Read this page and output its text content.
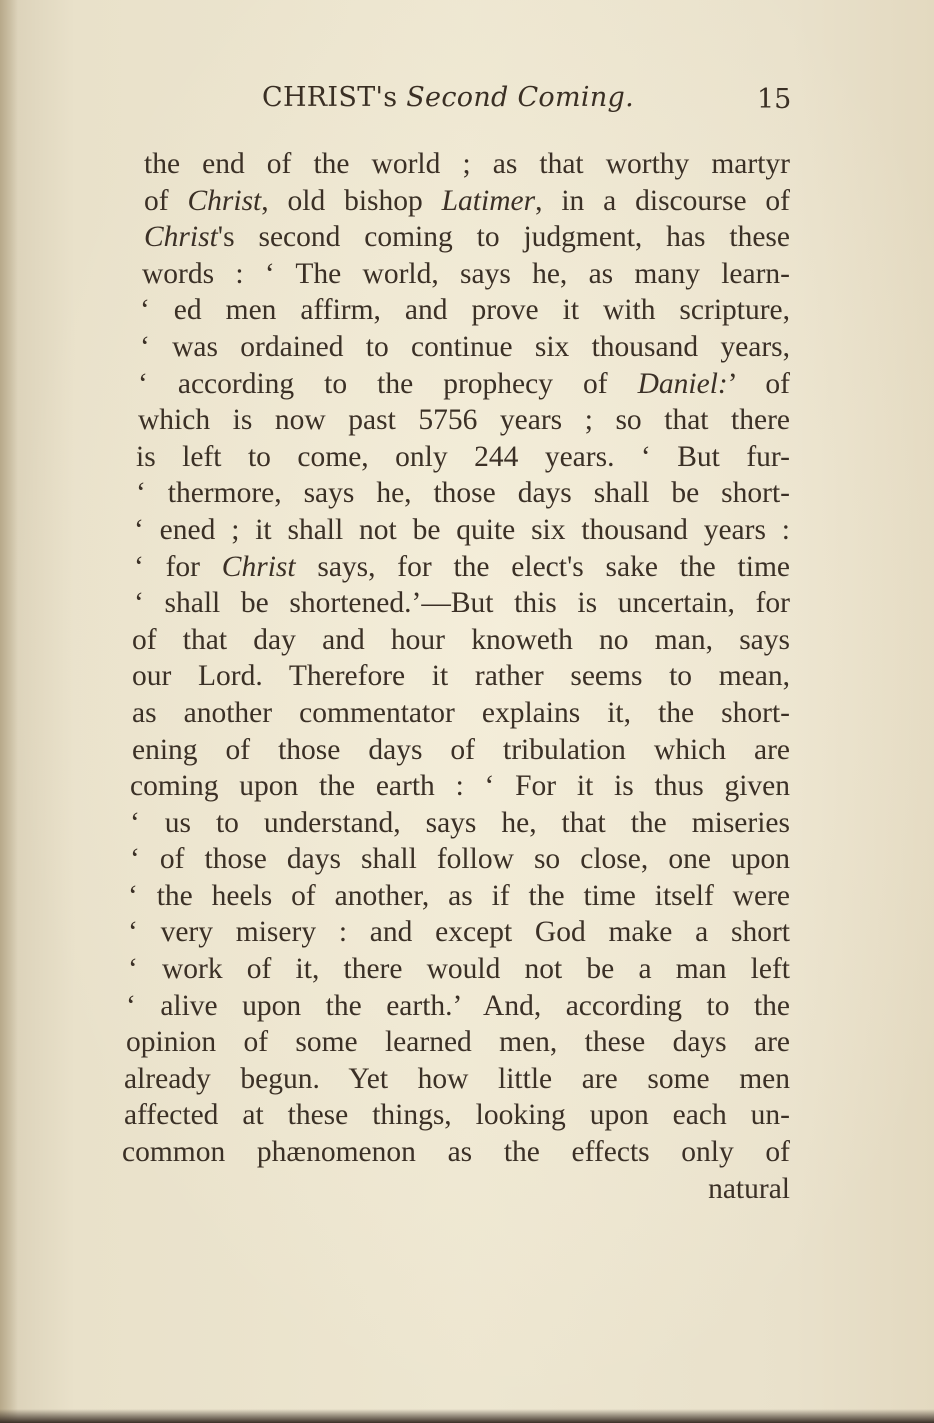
CHRIST's Second Coming.	15
the end of the world ; as that worthy martyr
of Christ, old bishop Latimer, in a discourse of
Christ's second coming to judgment, has these
words : ‘ The world, says he, as many learn-
‘ ed men affirm, and prove it with scripture,
‘ was ordained to continue six thousand years,
‘ according to the prophecy of Daniel:’ of
which is now past 5756 years ; so that there
is left to come, only 244 years. ‘ But fur-
‘ thermore, says he, those days shall be short-
‘ ened ; it shall not be quite six thousand years :
‘ for Christ says, for the elect's sake the time
‘ shall be shortened.’—But this is uncertain, for
of that day and hour knoweth no man, says
our Lord. Therefore it rather seems to mean,
as another commentator explains it, the short-
ening of those days of tribulation which are
coming upon the earth : ‘ For it is thus given
‘ us to understand, says he, that the miseries
‘ of those days shall follow so close, one upon
‘ the heels of another, as if the time itself were
‘ very misery : and except God make a short
‘ work of it, there would not be a man left
‘ alive upon the earth.’ And, according to the
opinion of some learned men, these days are
already begun. Yet how little are some men
affected at these things, looking upon each un-
common phænomenon as the effects only of
natural
